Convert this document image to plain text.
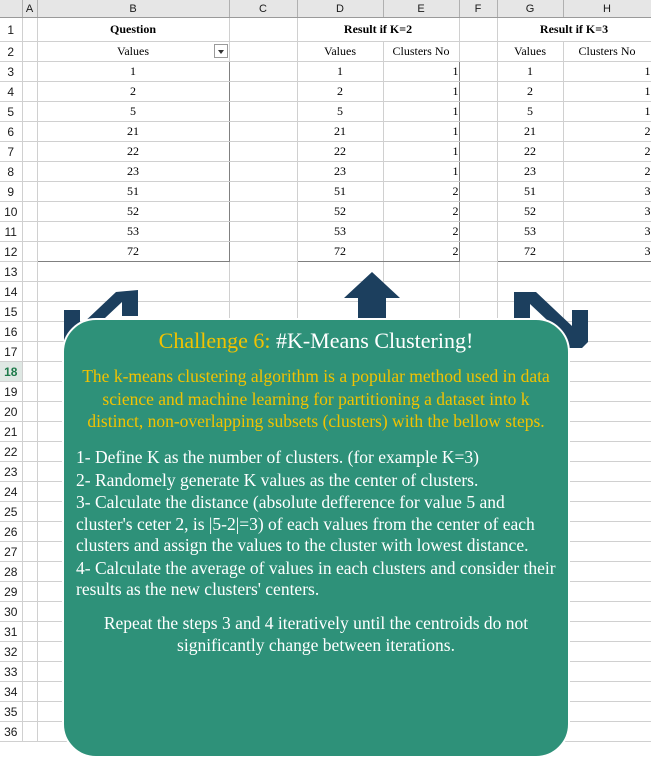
	A	B	C	D	E	F	G	H
1		Question		Result if K=2			Result if K=3	
2		Values		Values	Clusters No		Values	Clusters No
3		1		1	1		1	1
4		2		2	1		2	1
5		5		5	1		5	1
6		21		21	1		21	2
7		22		22	1		22	2
8		23		23	1		23	2
9		51		51	2		51	3
10		52		52	2		52	3
11		53		53	2		53	3
12		72		72	2		72	3
13								
14								
15								
16								
17								
18								
19								
20								
21								
22								
23								
24								
25								
26								
27								
28								
29								
30								
31								
32								
33								
34								
35								
36								
Challenge 6: #K-Means Clustering!
The k-means clustering algorithm is a popular method used in data science and machine learning for partitioning a dataset into k distinct, non-overlapping subsets (clusters) with the bellow steps.

1- Define K as the number of clusters. (for example K=3)

2- Randomely generate K values as the center of clusters.

3- Calculate the distance (absolute defference for value 5 and cluster's ceter 2, is |5-2|=3) of each values from the center of each clusters and assign the values to the cluster with lowest distance.

4- Calculate the average of values in each clusters and consider their results as the new clusters' centers.

Repeat the steps 3 and 4 iteratively until the centroids do not significantly change between iterations.
